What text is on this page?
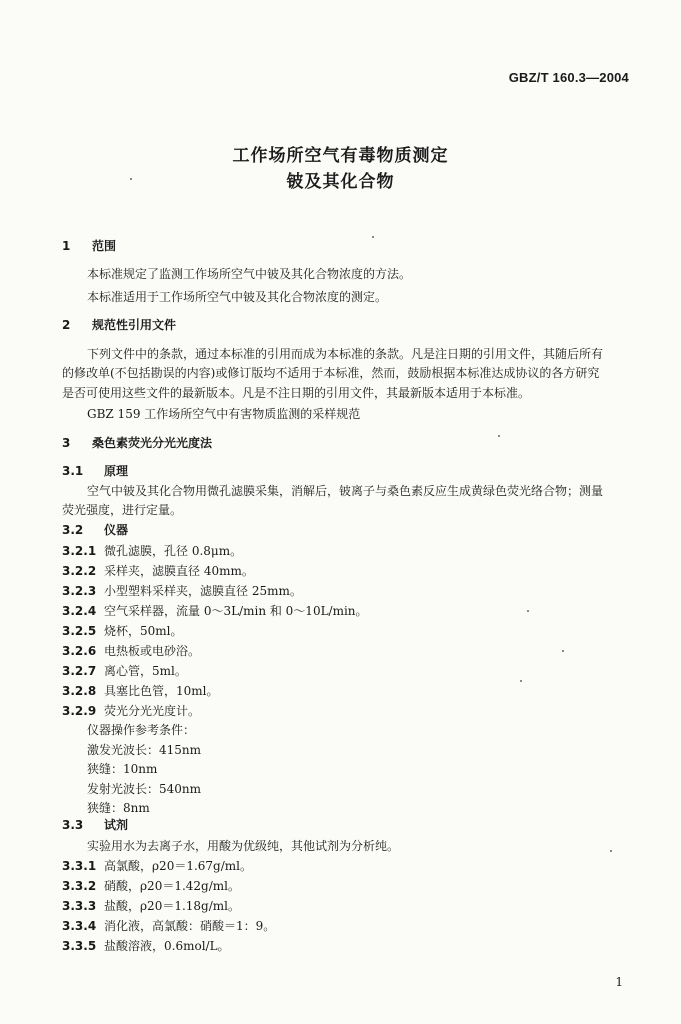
GBZ/T 160.3—2004
工作场所空气有毒物质测定
铍及其化合物
1 范围
本标准规定了监测工作场所空气中铍及其化合物浓度的方法。
本标准适用于工作场所空气中铍及其化合物浓度的测定。
2 规范性引用文件
下列文件中的条款，通过本标准的引用而成为本标准的条款。凡是注日期的引用文件，其随后所有
的修改单(不包括勘误的内容)或修订版均不适用于本标准，然而，鼓励根据本标准达成协议的各方研究
是否可使用这些文件的最新版本。凡是不注日期的引用文件，其最新版本适用于本标准。
GBZ 159 工作场所空气中有害物质监测的采样规范
3 桑色素荧光分光光度法
3.1 原理
空气中铍及其化合物用微孔滤膜采集，消解后，铍离子与桑色素反应生成黄绿色荧光络合物；测量
荧光强度，进行定量。
3.2 仪器
3.2.1 微孔滤膜，孔径 0.8μm。
3.2.2 采样夹，滤膜直径 40mm。
3.2.3 小型塑料采样夹，滤膜直径 25mm。
3.2.4 空气采样器，流量 0～3L/min 和 0～10L/min。
3.2.5 烧杯，50ml。
3.2.6 电热板或电砂浴。
3.2.7 离心管，5ml。
3.2.8 具塞比色管，10ml。
3.2.9 荧光分光光度计。
仪器操作参考条件：
激发光波长：415nm
狭缝：10nm
发射光波长：540nm
狭缝：8nm
3.3 试剂
实验用水为去离子水，用酸为优级纯，其他试剂为分析纯。
3.3.1 高氯酸，ρ20＝1.67g/ml。
3.3.2 硝酸，ρ20＝1.42g/ml。
3.3.3 盐酸，ρ20＝1.18g/ml。
3.3.4 消化液，高氯酸：硝酸＝1：9。
3.3.5 盐酸溶液，0.6mol/L。
1
